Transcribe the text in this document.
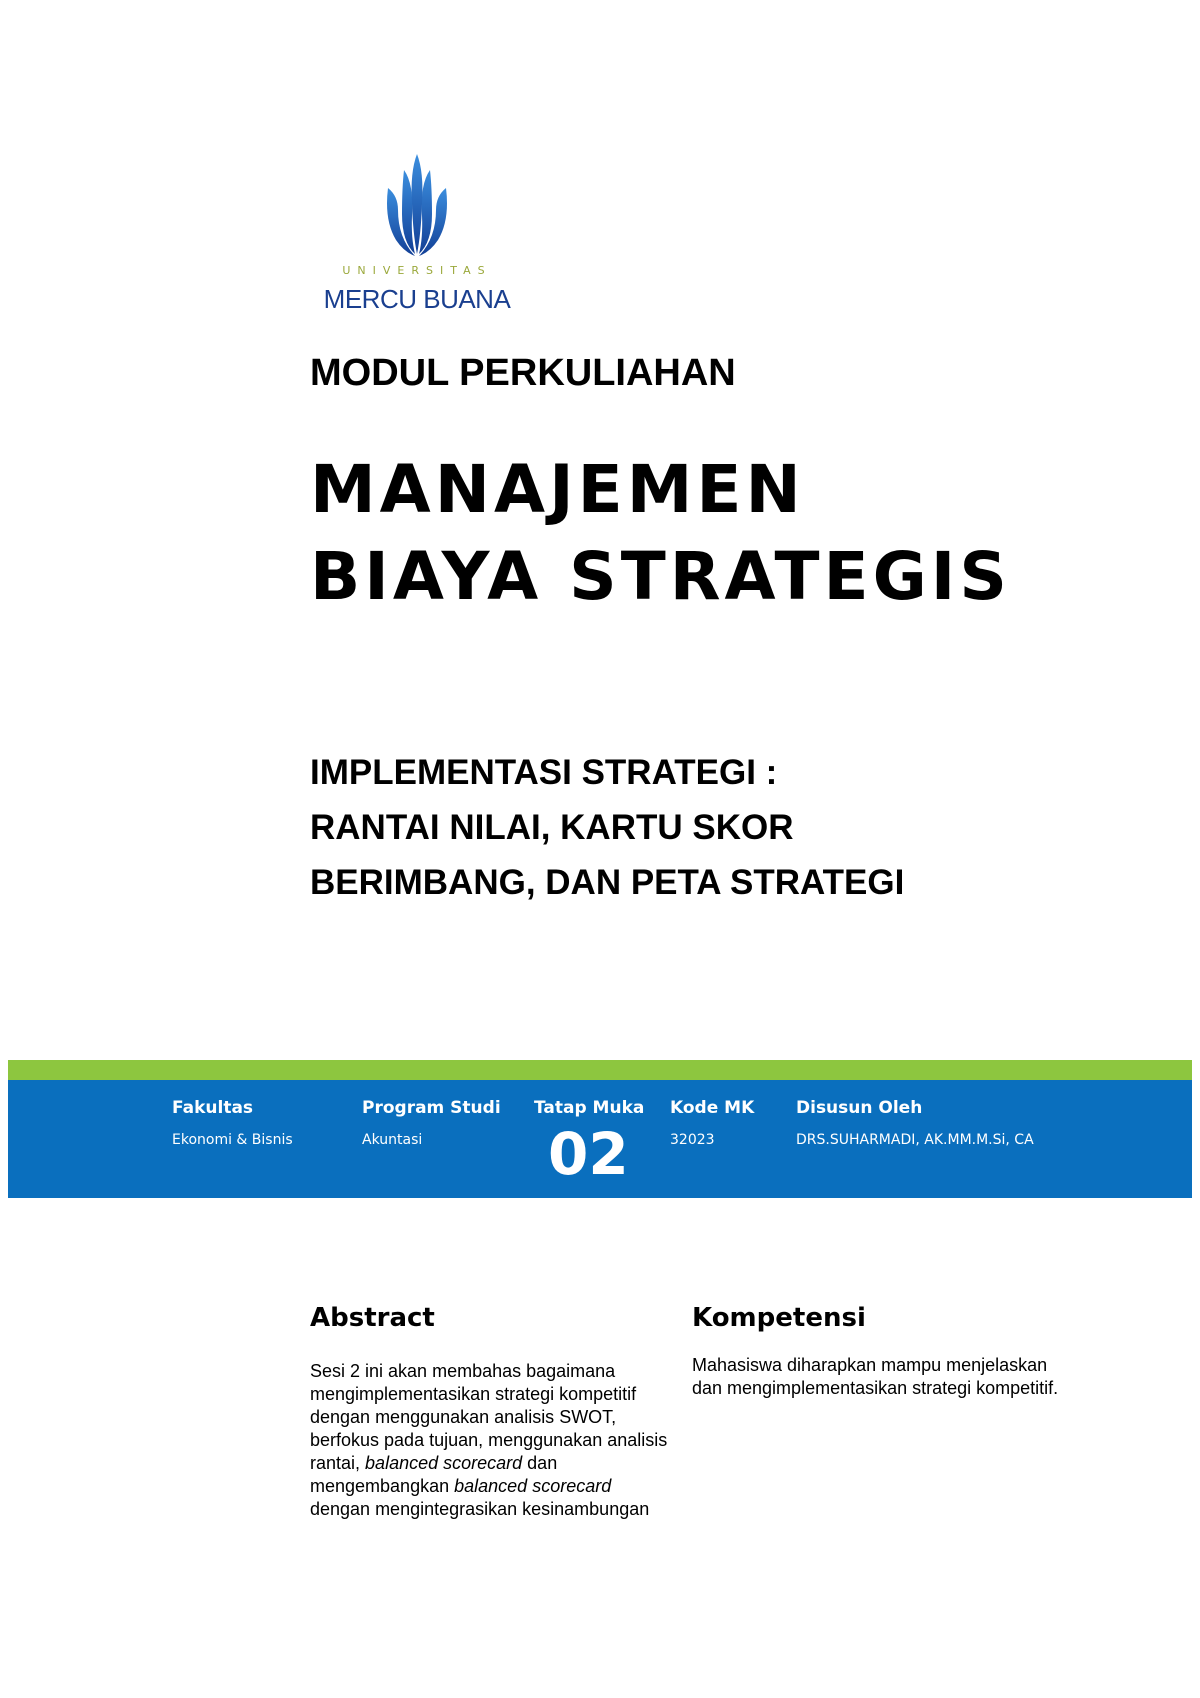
UNIVERSITAS
MERCU BUANA
MODUL PERKULIAHAN
MANAJEMEN
BIAYA STRATEGIS
IMPLEMENTASI STRATEGI :
RANTAI NILAI, KARTU SKOR
BERIMBANG, DAN PETA STRATEGI
Fakultas
Ekonomi & Bisnis
Program Studi
Akuntasi
Tatap Muka
02
Kode MK
32023
Disusun Oleh
DRS.SUHARMADI, AK.MM.M.Si, CA
Abstract
Sesi 2 ini akan membahas bagaimana mengimplementasikan strategi kompetitif dengan menggunakan analisis SWOT, berfokus pada tujuan, menggunakan analisis rantai, balanced scorecard dan mengembangkan balanced scorecard dengan mengintegrasikan kesinambungan
Kompetensi
Mahasiswa diharapkan mampu menjelaskan dan mengimplementasikan strategi kompetitif.
